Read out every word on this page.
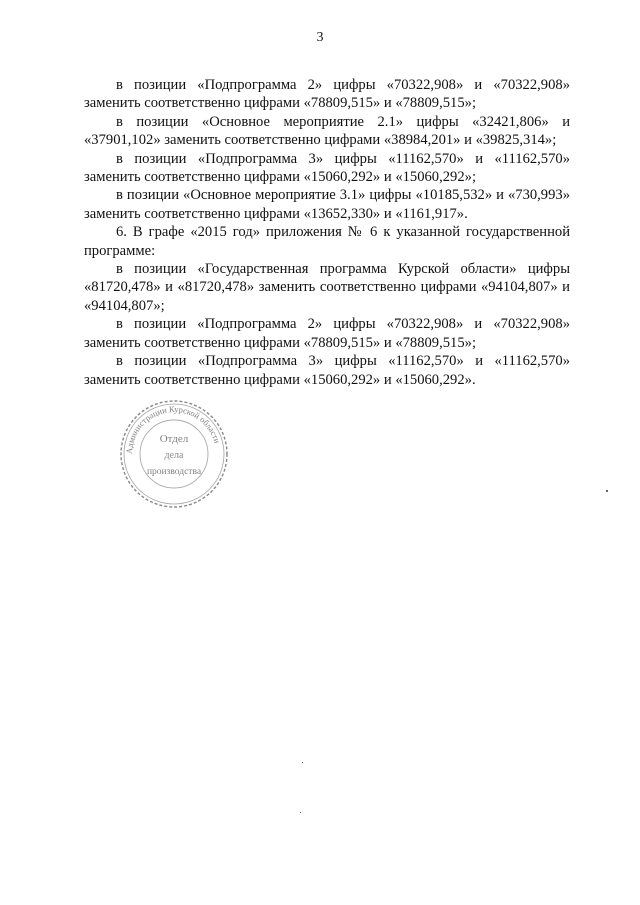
3

в позиции «Подпрограмма 2» цифры «70322,908» и «70322,908» заменить соответственно цифрами «78809,515» и «78809,515»;

в позиции «Основное мероприятие 2.1» цифры «32421,806» и «37901,102» заменить соответственно цифрами «38984,201» и «39825,314»;

в позиции «Подпрограмма 3» цифры «11162,570» и «11162,570» заменить соответственно цифрами «15060,292» и «15060,292»;

в позиции «Основное мероприятие 3.1» цифры «10185,532» и «730,993» заменить соответственно цифрами «13652,330» и «1161,917».

6. В графе «2015 год» приложения № 6 к указанной государственной программе:

в позиции «Государственная программа Курской области» цифры «81720,478» и «81720,478» заменить соответственно цифрами «94104,807» и «94104,807»;

в позиции «Подпрограмма 2» цифры «70322,908» и «70322,908» заменить соответственно цифрами «78809,515» и «78809,515»;

в позиции «Подпрограмма 3» цифры «11162,570» и «11162,570» заменить соответственно цифрами «15060,292» и «15060,292».

Администрации Курской области
Отдел
дела
производства
